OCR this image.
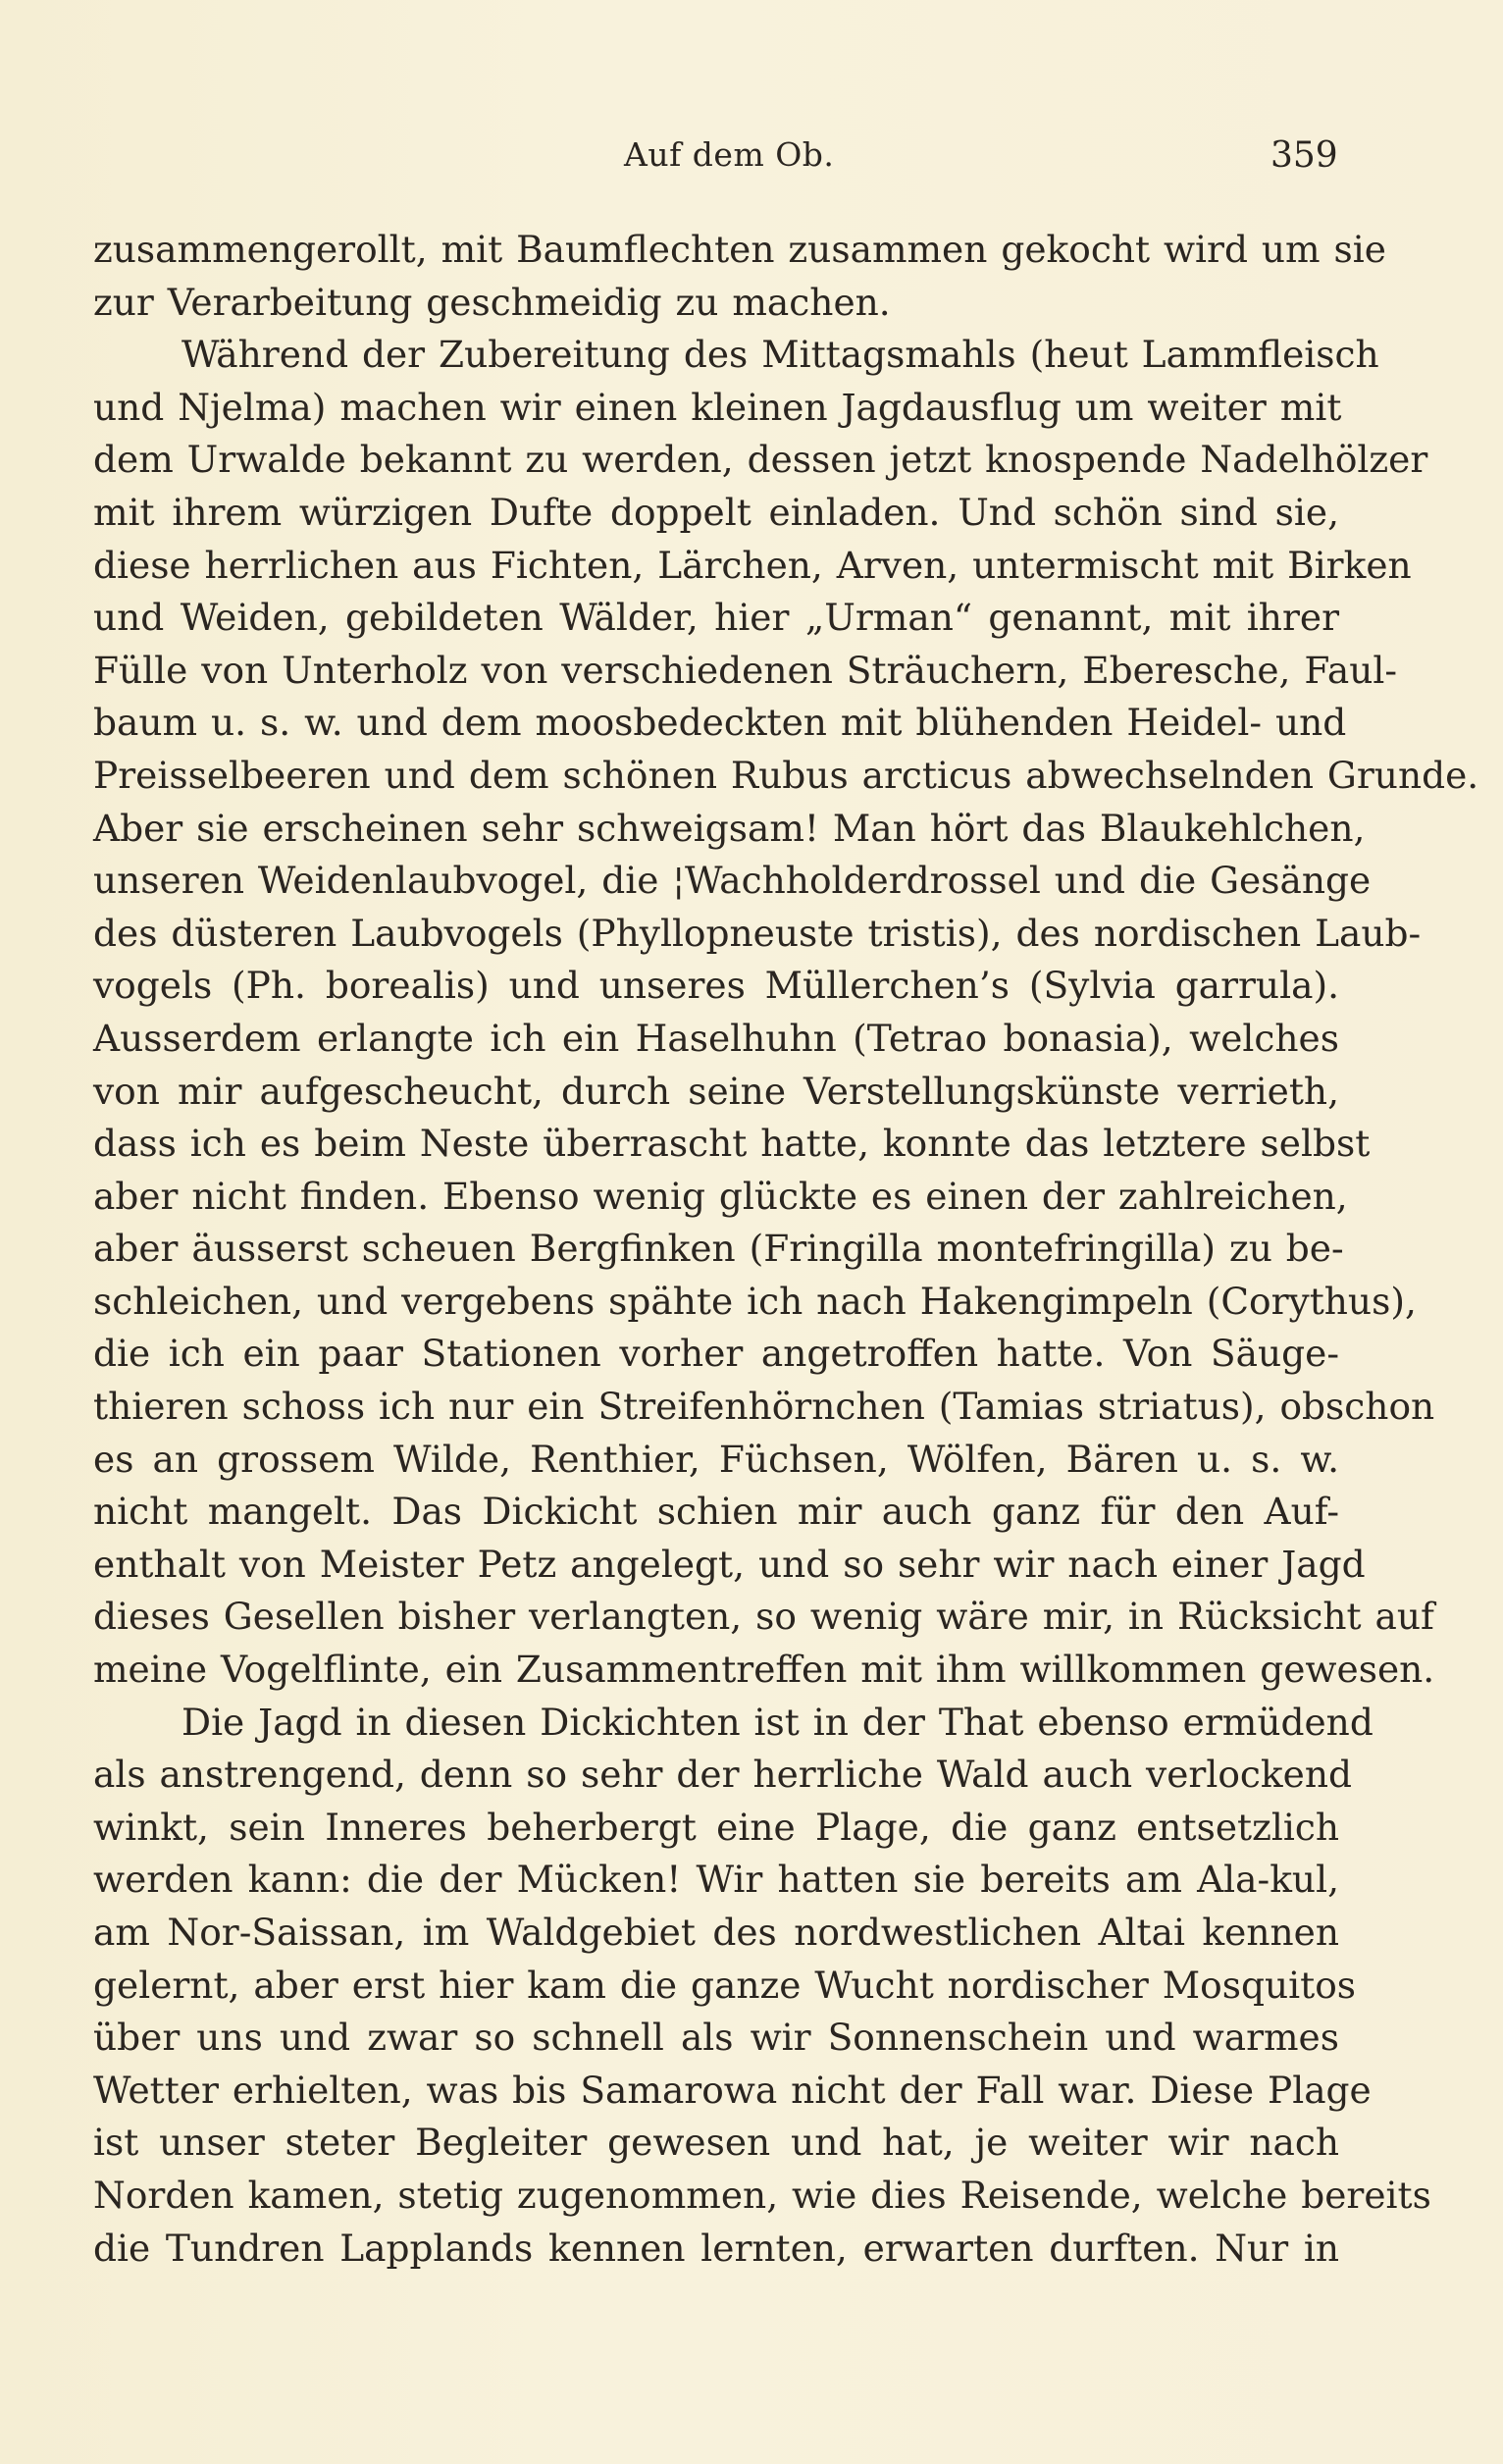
Auf dem Ob.	359
zusammengerollt, mit Baumflechten zusammen gekocht wird um sie
zur Verarbeitung geschmeidig zu machen.
Während der Zubereitung des Mittagsmahls (heut Lammfleisch
und Njelma) machen wir einen kleinen Jagdausflug um weiter mit
dem Urwalde bekannt zu werden, dessen jetzt knospende Nadelhölzer
mit ihrem würzigen Dufte doppelt einladen. Und schön sind sie,
diese herrlichen aus Fichten, Lärchen, Arven, untermischt mit Birken
und Weiden, gebildeten Wälder, hier „Urman“ genannt, mit ihrer
Fülle von Unterholz von verschiedenen Sträuchern, Eberesche, Faul-
baum u. s. w. und dem moosbedeckten mit blühenden Heidel- und
Preisselbeeren und dem schönen Rubus arcticus abwechselnden Grunde.
Aber sie erscheinen sehr schweigsam! Man hört das Blaukehlchen,
unseren Weidenlaubvogel, die ¦Wachholderdrossel und die Gesänge
des düsteren Laubvogels (Phyllopneuste tristis), des nordischen Laub-
vogels (Ph. borealis) und unseres Müllerchen’s (Sylvia garrula).
Ausserdem erlangte ich ein Haselhuhn (Tetrao bonasia), welches
von mir aufgescheucht, durch seine Verstellungskünste verrieth,
dass ich es beim Neste überrascht hatte, konnte das letztere selbst
aber nicht finden. Ebenso wenig glückte es einen der zahlreichen,
aber äusserst scheuen Bergfinken (Fringilla montefringilla) zu be-
schleichen, und vergebens spähte ich nach Hakengimpeln (Corythus),
die ich ein paar Stationen vorher angetroffen hatte. Von Säuge-
thieren schoss ich nur ein Streifenhörnchen (Tamias striatus), obschon
es an grossem Wilde, Renthier, Füchsen, Wölfen, Bären u. s. w.
nicht mangelt. Das Dickicht schien mir auch ganz für den Auf-
enthalt von Meister Petz angelegt, und so sehr wir nach einer Jagd
dieses Gesellen bisher verlangten, so wenig wäre mir, in Rücksicht auf
meine Vogelflinte, ein Zusammentreffen mit ihm willkommen gewesen.
Die Jagd in diesen Dickichten ist in der That ebenso ermüdend
als anstrengend, denn so sehr der herrliche Wald auch verlockend
winkt, sein Inneres beherbergt eine Plage, die ganz entsetzlich
werden kann: die der Mücken! Wir hatten sie bereits am Ala-kul,
am Nor-Saissan, im Waldgebiet des nordwestlichen Altai kennen
gelernt, aber erst hier kam die ganze Wucht nordischer Mosquitos
über uns und zwar so schnell als wir Sonnenschein und warmes
Wetter erhielten, was bis Samarowa nicht der Fall war. Diese Plage
ist unser steter Begleiter gewesen und hat, je weiter wir nach
Norden kamen, stetig zugenommen, wie dies Reisende, welche bereits
die Tundren Lapplands kennen lernten, erwarten durften. Nur in
